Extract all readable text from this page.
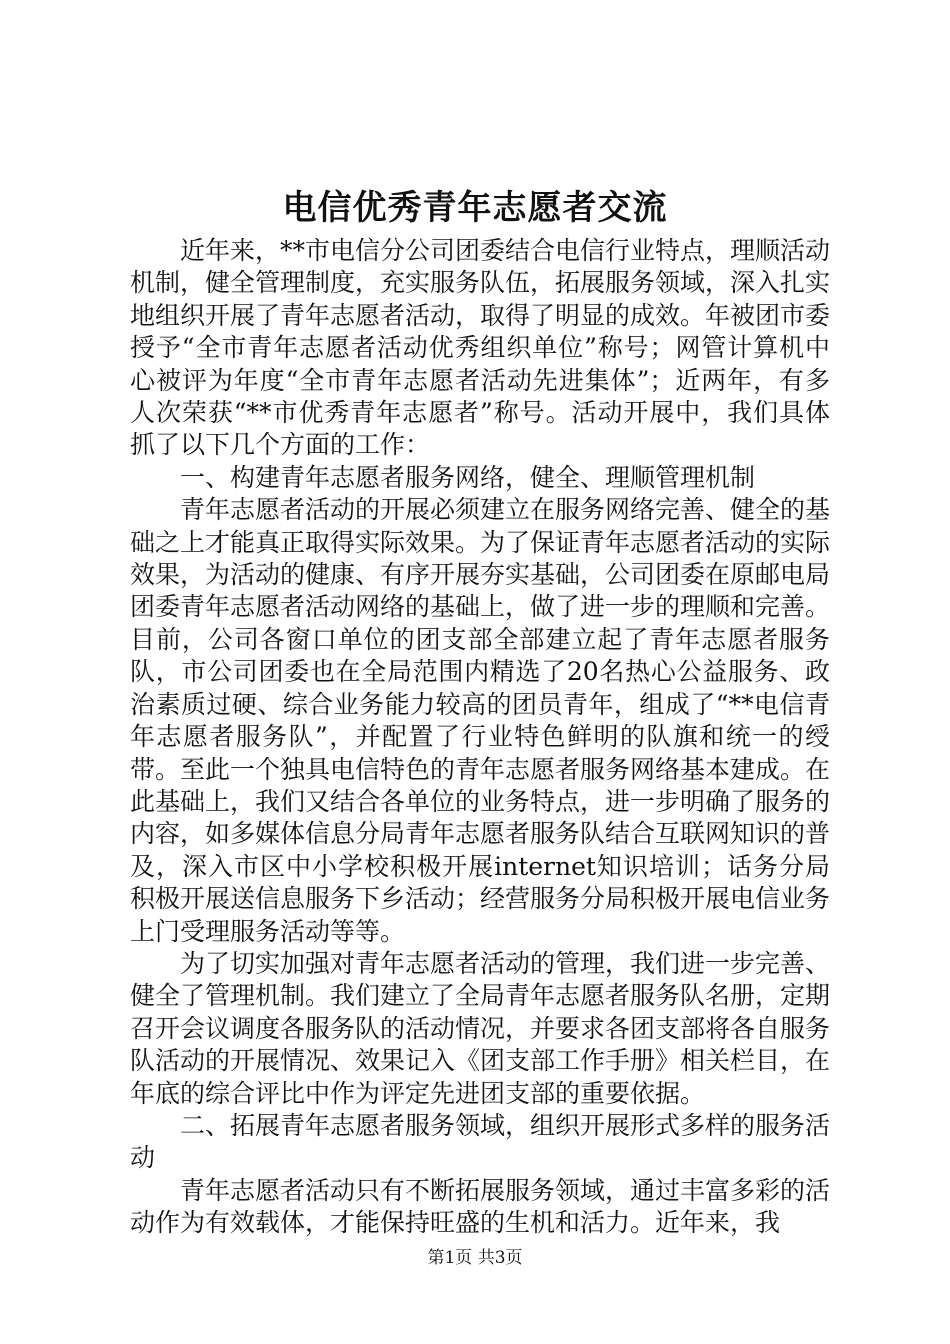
电信优秀青年志愿者交流

近年来，**市电信分公司团委结合电信行业特点，理顺活动机制，健全管理制度，充实服务队伍，拓展服务领域，深入扎实地组织开展了青年志愿者活动，取得了明显的成效。年被团市委授予“全市青年志愿者活动优秀组织单位”称号；网管计算机中心被评为年度“全市青年志愿者活动先进集体”；近两年，有多人次荣获“**市优秀青年志愿者”称号。活动开展中，我们具体抓了以下几个方面的工作：

一、构建青年志愿者服务网络，健全、理顺管理机制

青年志愿者活动的开展必须建立在服务网络完善、健全的基础之上才能真正取得实际效果。为了保证青年志愿者活动的实际效果，为活动的健康、有序开展夯实基础，公司团委在原邮电局团委青年志愿者活动网络的基础上，做了进一步的理顺和完善。目前，公司各窗口单位的团支部全部建立起了青年志愿者服务队，市公司团委也在全局范围内精选了20名热心公益服务、政治素质过硬、综合业务能力较高的团员青年，组成了“**电信青年志愿者服务队”，并配置了行业特色鲜明的队旗和统一的绶带。至此一个独具电信特色的青年志愿者服务网络基本建成。在此基础上，我们又结合各单位的业务特点，进一步明确了服务的内容，如多媒体信息分局青年志愿者服务队结合互联网知识的普及，深入市区中小学校积极开展internet知识培训；话务分局积极开展送信息服务下乡活动；经营服务分局积极开展电信业务上门受理服务活动等等。

为了切实加强对青年志愿者活动的管理，我们进一步完善、健全了管理机制。我们建立了全局青年志愿者服务队名册，定期召开会议调度各服务队的活动情况，并要求各团支部将各自服务队活动的开展情况、效果记入《团支部工作手册》相关栏目，在年底的综合评比中作为评定先进团支部的重要依据。

二、拓展青年志愿者服务领域，组织开展形式多样的服务活动

青年志愿者活动只有不断拓展服务领域，通过丰富多彩的活动作为有效载体，才能保持旺盛的生机和活力。近年来，我

第1页 共3页
